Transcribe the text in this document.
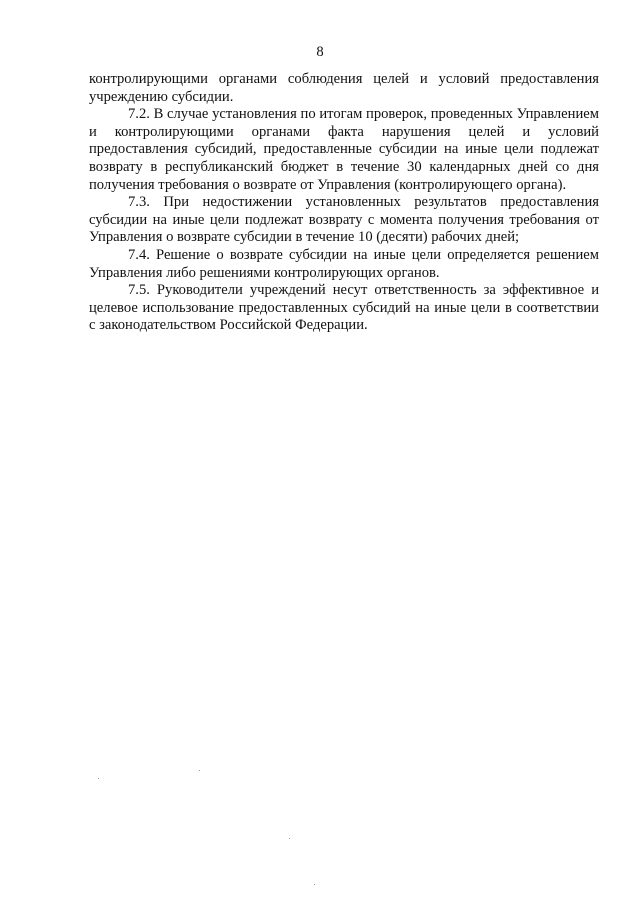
8

контролирующими органами соблюдения целей и условий предоставления учреждению субсидии.

7.2. В случае установления по итогам проверок, проведенных Управлением и контролирующими органами факта нарушения целей и условий предоставления субсидий, предоставленные субсидии на иные цели подлежат возврату в республиканский бюджет в течение 30 календарных дней со дня получения требования о возврате от Управления (контролирующего органа).

7.3. При недостижении установленных результатов предоставления субсидии на иные цели подлежат возврату с момента получения требования от Управления о возврате субсидии в течение 10 (десяти) рабочих дней;

7.4. Решение о возврате субсидии на иные цели определяется решением Управления либо решениями контролирующих органов.

7.5. Руководители учреждений несут ответственность за эффективное и целевое использование предоставленных субсидий на иные цели в соответствии с законодательством Российской Федерации.
